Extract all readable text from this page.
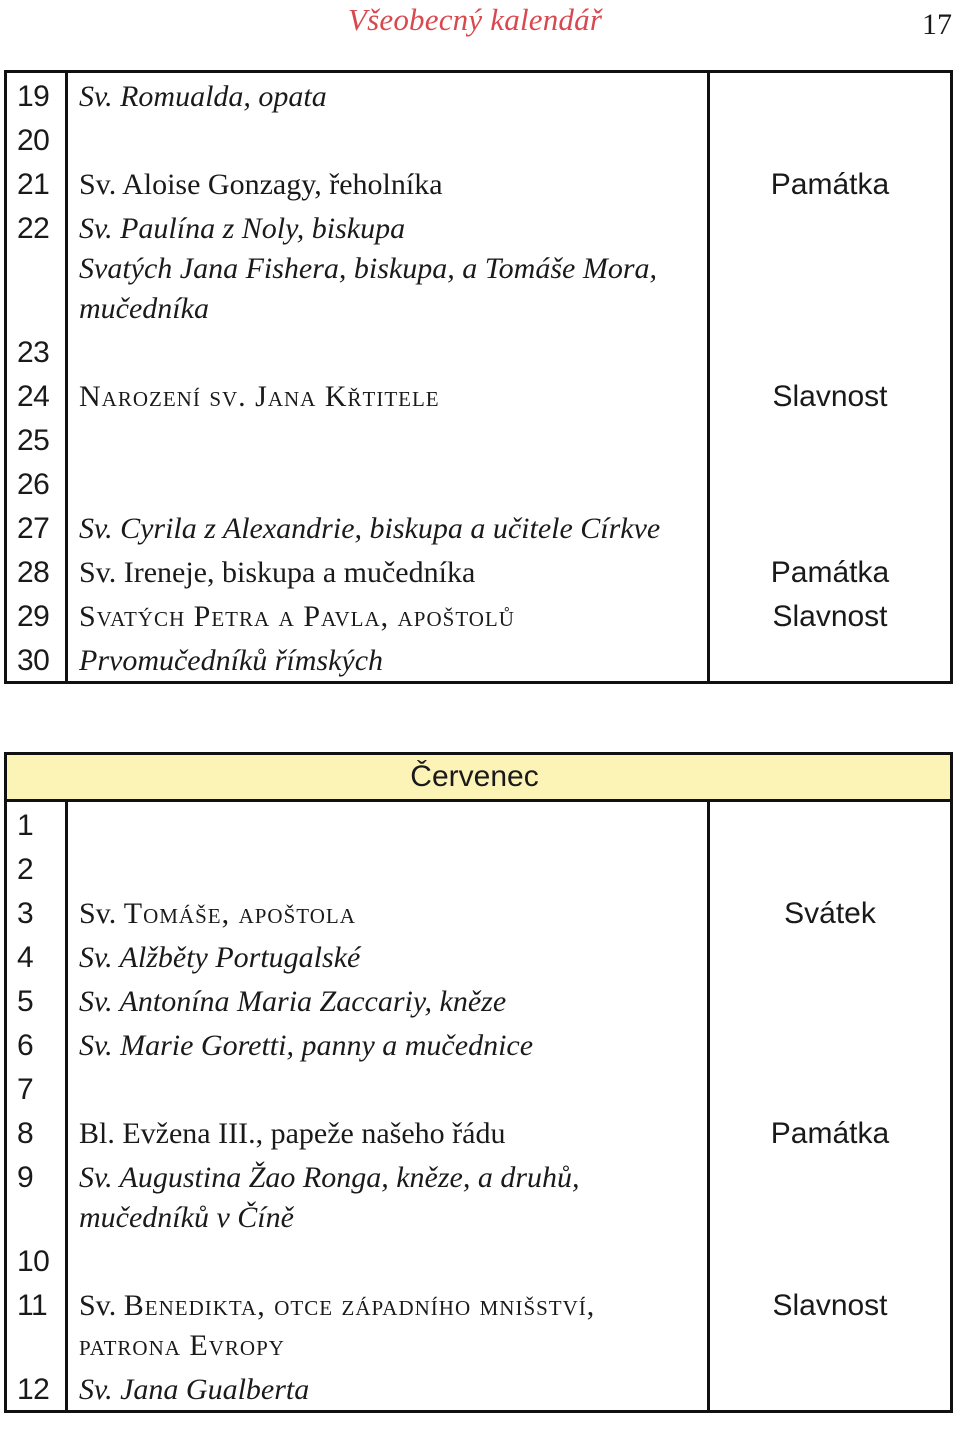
Všeobecný kalendář	17
19	Sv. Romualda, opata	

20	

21	Sv. Aloise Gonzagy, řeholníka	Památka
22	Sv. Paulína z Noly, biskupa
Svatých Jana Fishera, biskupa, a Tomáše Mora,
mučedníka	

23	

24	Narození sv. Jana Křtitele	Slavnost
25	

26	

27	Sv. Cyrila z Alexandrie, biskupa a učitele Církve	

28	Sv. Ireneje, biskupa a mučedníka	Památka
29	Svatých Petra a Pavla, apoštolů	Slavnost
30	Prvomučedníků římských	

Červenec		
1	

2	

3	Sv. Tomáše, apoštola	Svátek
4	Sv. Alžběty Portugalské	

5	Sv. Antonína Maria Zaccariy, kněze	

6	Sv. Marie Goretti, panny a mučednice	

7	

8	Bl. Evžena III., papeže našeho řádu	Památka
9	Sv. Augustina Žao Ronga, kněze, a druhů,
mučedníků v Číně	

10	

11	Sv. Benedikta, otce západního mnišství,
patrona Evropy	Slavnost
12	Sv. Jana Gualberta	
